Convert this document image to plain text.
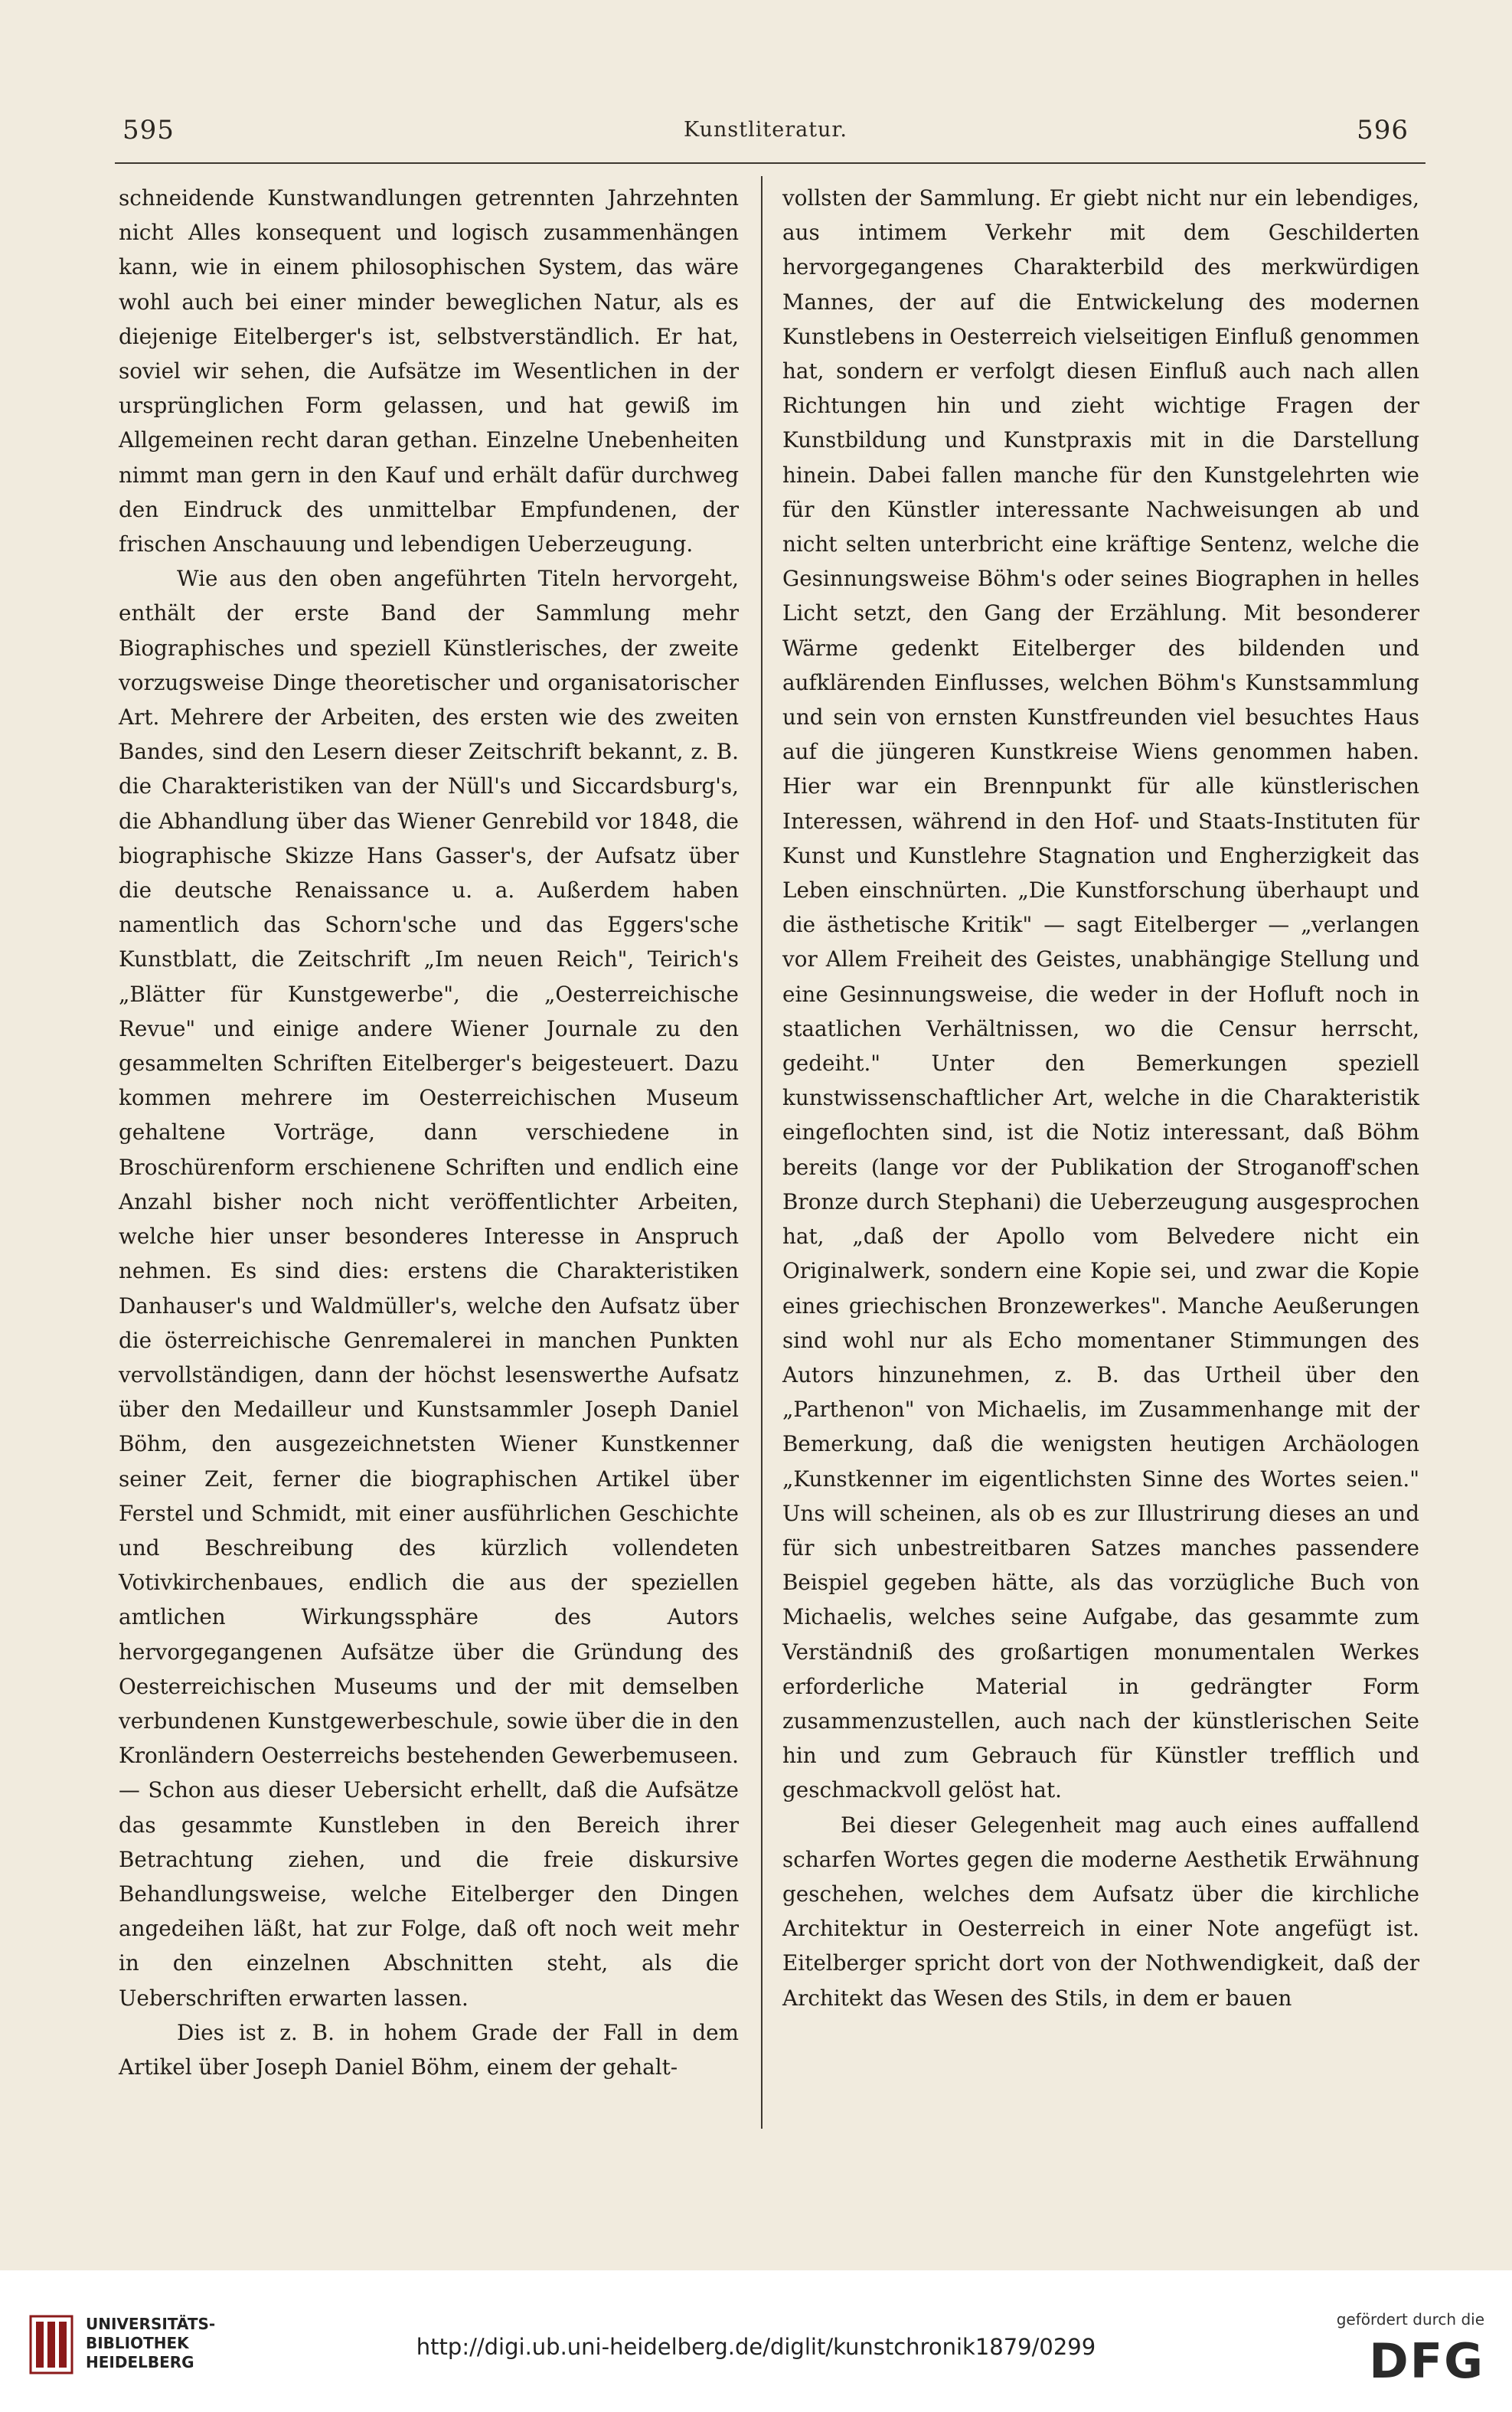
595	Kunstliteratur.	596

schneidende Kunstwandlungen getrennten Jahrzehnten nicht Alles konsequent und logisch zusammenhängen kann, wie in einem philosophischen System, das wäre wohl auch bei einer minder beweglichen Natur, als es diejenige Eitelberger's ist, selbstverständlich. Er hat, soviel wir sehen, die Aufsätze im Wesentlichen in der ursprünglichen Form gelassen, und hat gewiß im Allgemeinen recht daran gethan. Einzelne Unebenheiten nimmt man gern in den Kauf und erhält dafür durchweg den Eindruck des unmittelbar Empfundenen, der frischen Anschauung und lebendigen Ueberzeugung.

Wie aus den oben angeführten Titeln hervorgeht, enthält der erste Band der Sammlung mehr Biographisches und speziell Künstlerisches, der zweite vorzugsweise Dinge theoretischer und organisatorischer Art. Mehrere der Arbeiten, des ersten wie des zweiten Bandes, sind den Lesern dieser Zeitschrift bekannt, z. B. die Charakteristiken van der Nüll's und Siccardsburg's, die Abhandlung über das Wiener Genrebild vor 1848, die biographische Skizze Hans Gasser's, der Aufsatz über die deutsche Renaissance u. a. Außerdem haben namentlich das Schorn'sche und das Eggers'sche Kunstblatt, die Zeitschrift „Im neuen Reich", Teirich's „Blätter für Kunstgewerbe", die „Oesterreichische Revue" und einige andere Wiener Journale zu den gesammelten Schriften Eitelberger's beigesteuert. Dazu kommen mehrere im Oesterreichischen Museum gehaltene Vorträge, dann verschiedene in Broschürenform erschienene Schriften und endlich eine Anzahl bisher noch nicht veröffentlichter Arbeiten, welche hier unser besonderes Interesse in Anspruch nehmen. Es sind dies: erstens die Charakteristiken Danhauser's und Waldmüller's, welche den Aufsatz über die österreichische Genremalerei in manchen Punkten vervollständigen, dann der höchst lesenswerthe Aufsatz über den Medailleur und Kunstsammler Joseph Daniel Böhm, den ausgezeichnetsten Wiener Kunstkenner seiner Zeit, ferner die biographischen Artikel über Ferstel und Schmidt, mit einer ausführlichen Geschichte und Beschreibung des kürzlich vollendeten Votivkirchenbaues, endlich die aus der speziellen amtlichen Wirkungssphäre des Autors hervorgegangenen Aufsätze über die Gründung des Oesterreichischen Museums und der mit demselben verbundenen Kunstgewerbeschule, sowie über die in den Kronländern Oesterreichs bestehenden Gewerbemuseen. — Schon aus dieser Uebersicht erhellt, daß die Aufsätze das gesammte Kunstleben in den Bereich ihrer Betrachtung ziehen, und die freie diskursive Behandlungsweise, welche Eitelberger den Dingen angedeihen läßt, hat zur Folge, daß oft noch weit mehr in den einzelnen Abschnitten steht, als die Ueberschriften erwarten lassen.

Dies ist z. B. in hohem Grade der Fall in dem Artikel über Joseph Daniel Böhm, einem der gehalt-

vollsten der Sammlung. Er giebt nicht nur ein lebendiges, aus intimem Verkehr mit dem Geschilderten hervorgegangenes Charakterbild des merkwürdigen Mannes, der auf die Entwickelung des modernen Kunstlebens in Oesterreich vielseitigen Einfluß genommen hat, sondern er verfolgt diesen Einfluß auch nach allen Richtungen hin und zieht wichtige Fragen der Kunstbildung und Kunstpraxis mit in die Darstellung hinein. Dabei fallen manche für den Kunstgelehrten wie für den Künstler interessante Nachweisungen ab und nicht selten unterbricht eine kräftige Sentenz, welche die Gesinnungsweise Böhm's oder seines Biographen in helles Licht setzt, den Gang der Erzählung. Mit besonderer Wärme gedenkt Eitelberger des bildenden und aufklärenden Einflusses, welchen Böhm's Kunstsammlung und sein von ernsten Kunstfreunden viel besuchtes Haus auf die jüngeren Kunstkreise Wiens genommen haben. Hier war ein Brennpunkt für alle künstlerischen Interessen, während in den Hof- und Staats-Instituten für Kunst und Kunstlehre Stagnation und Engherzigkeit das Leben einschnürten. „Die Kunstforschung überhaupt und die ästhetische Kritik" — sagt Eitelberger — „verlangen vor Allem Freiheit des Geistes, unabhängige Stellung und eine Gesinnungsweise, die weder in der Hofluft noch in staatlichen Verhältnissen, wo die Censur herrscht, gedeiht." Unter den Bemerkungen speziell kunstwissenschaftlicher Art, welche in die Charakteristik eingeflochten sind, ist die Notiz interessant, daß Böhm bereits (lange vor der Publikation der Stroganoff'schen Bronze durch Stephani) die Ueberzeugung ausgesprochen hat, „daß der Apollo vom Belvedere nicht ein Originalwerk, sondern eine Kopie sei, und zwar die Kopie eines griechischen Bronzewerkes". Manche Aeußerungen sind wohl nur als Echo momentaner Stimmungen des Autors hinzunehmen, z. B. das Urtheil über den „Parthenon" von Michaelis, im Zusammenhange mit der Bemerkung, daß die wenigsten heutigen Archäologen „Kunstkenner im eigentlichsten Sinne des Wortes seien." Uns will scheinen, als ob es zur Illustrirung dieses an und für sich unbestreitbaren Satzes manches passendere Beispiel gegeben hätte, als das vorzügliche Buch von Michaelis, welches seine Aufgabe, das gesammte zum Verständniß des großartigen monumentalen Werkes erforderliche Material in gedrängter Form zusammenzustellen, auch nach der künstlerischen Seite hin und zum Gebrauch für Künstler trefflich und geschmackvoll gelöst hat.

Bei dieser Gelegenheit mag auch eines auffallend scharfen Wortes gegen die moderne Aesthetik Erwähnung geschehen, welches dem Aufsatz über die kirchliche Architektur in Oesterreich in einer Note angefügt ist. Eitelberger spricht dort von der Nothwendigkeit, daß der Architekt das Wesen des Stils, in dem er bauen

UNIVERSITÄTS-
BIBLIOTHEK
HEIDELBERG
http://digi.ub.uni-heidelberg.de/diglit/kunstchronik1879/0299
gefördert durch die
DFG
